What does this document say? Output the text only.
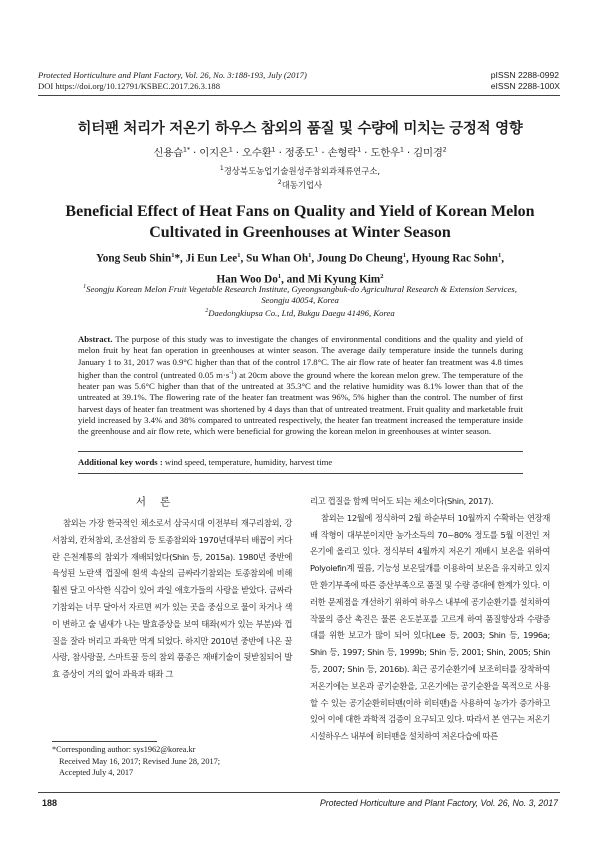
Protected Horticulture and Plant Factory, Vol. 26, No. 3:188-193, July (2017)
DOI https://doi.org/10.12791/KSBEC.2017.26.3.188
pISSN 2288-0992
eISSN 2288-100X
히터팬 처리가 저온기 하우스 참외의 품질 및 수량에 미치는 긍정적 영향
신용습$^{1*}$ · 이지은$^1$ · 오수환$^1$ · 정종도$^1$ · 손형락$^1$ · 도한우$^1$ · 김미경$^2$
$^1$경상북도농업기술원성주참외과채류연구소,
$^2$대동기업사
Beneficial Effect of Heat Fans on Quality and Yield of Korean Melon
Cultivated in Greenhouses at Winter Season
Yong Seub Shin$^1$*, Ji Eun Lee$^1$, Su Whan Oh$^1$, Joung Do Cheung$^1$, Hyoung Rac Sohn$^1$,
Han Woo Do$^1$, and Mi Kyung Kim$^2$
$^1$Seongju Korean Melon Fruit Vegetable Research Institute, Gyeongsangbuk-do Agricultural Research & Extension Services,
Seongju 40054, Korea
$^2$Daedongkiupsa Co., Ltd, Bukgu Daegu 41496, Korea
Abstract. The purpose of this study was to investigate the changes of environmental conditions and the quality and yield of melon fruit by heat fan operation in greenhouses at winter season. The average daily temperature inside the tunnels during January 1 to 31, 2017 was 0.9°C higher than that of the control 17.8°C. The air flow rate of heater fan treatment was 4.8 times higher than the control (untreated 0.05 $m\cdot s^{-1}$) at 20cm above the ground where the korean melon grew. The temperature of the heater pan was 5.6°C higher than that of the untreated at 35.3°C and the relative humidity was 8.1% lower than that of the untreated at 39.1%. The flowering rate of the heater fan treatment was 96%, 5% higher than the control. The number of first harvest days of heater fan treatment was shortened by 4 days than that of untreated treatment. Fruit quality and marketable fruit yield increased by 3.4% and 38% compared to untreated respectively, the heater fan treatment increased the temperature inside the greenhouse and air flow rete, which were beneficial for growing the korean melon in greenhouses at winter season.
Additional key words : wind speed, temperature, humidity, harvest time
서론

참외는 가장 한국적인 채소로서 삼국시대 이전부터 재구리참외, 강서참외, 칸처참외, 조선참외 등 토종참외와 1970년대부터 배꼽이 커다란 은천계통의 참외가 재배되었다(Shin 등, 2015a). 1980년 중반에 육성된 노란색 껍질에 흰색 속살의 금싸라기참외는 토종참외에 비해 훨씬 달고 아삭한 식감이 있어 과일 애호가들의 사랑을 받았다. 금싸라기참외는 너무 달아서 자르면 씨가 있는 곳을 중심으로 물이 차거나 색이 변하고 술 냄새가 나는 발효증상을 보여 태좌(씨가 있는 부분)와 껍질을 잘라 버리고 과육만 먹게 되었다. 하지만 2010년 중반에 나온 꿀사랑, 참사랑꿀, 스마트꿀 등의 참외 품종은 재배기술이 뒷받침되어 발효 증상이 거의 없어 과육과 태좌 그

리고 껍질을 함께 먹어도 되는 채소이다(Shin, 2017).

참외는 12월에 정식하여 2월 하순부터 10월까지 수확하는 연장재배 작형이 대부분이지만 농가소득의 70~80% 정도를 5월 이전인 저온기에 올리고 있다. 정식부터 4월까지 저온기 재배시 보온을 위하여 Polyolefin계 필름, 기능성 보온덮개를 이용하여 보온을 유지하고 있지만 환기부족에 따른 증산부족으로 품질 및 수량 증대에 한계가 있다. 이러한 문제점을 개선하기 위하여 하우스 내부에 공기순환기를 설치하여 작물의 증산 촉진은 물론 온도분포를 고르게 하여 품질향상과 수량증대를 위한 보고가 많이 되어 있다(Lee 등, 2003; Shin 등, 1996a; Shin 등, 1997; Shin 등, 1999b; Shin 등, 2001; Shin, 2005; Shin 등, 2007; Shin 등, 2016b). 최근 공기순환기에 보조히터를 장착하여 저온기에는 보온과 공기순환을, 고온기에는 공기순환을 목적으로 사용할 수 있는 공기순환히터팬(이하 히터팬)을 사용하여 농가가 증가하고 있어 이에 대한 과학적 검증이 요구되고 있다. 따라서 본 연구는 저온기 시설하우스 내부에 히터팬을 설치하여 저온다습에 따른

*Corresponding author: sys1962@korea.kr
Received May 16, 2017; Revised June 28, 2017;
Accepted July 4, 2017
188	Protected Horticulture and Plant Factory, Vol. 26, No. 3, 2017
